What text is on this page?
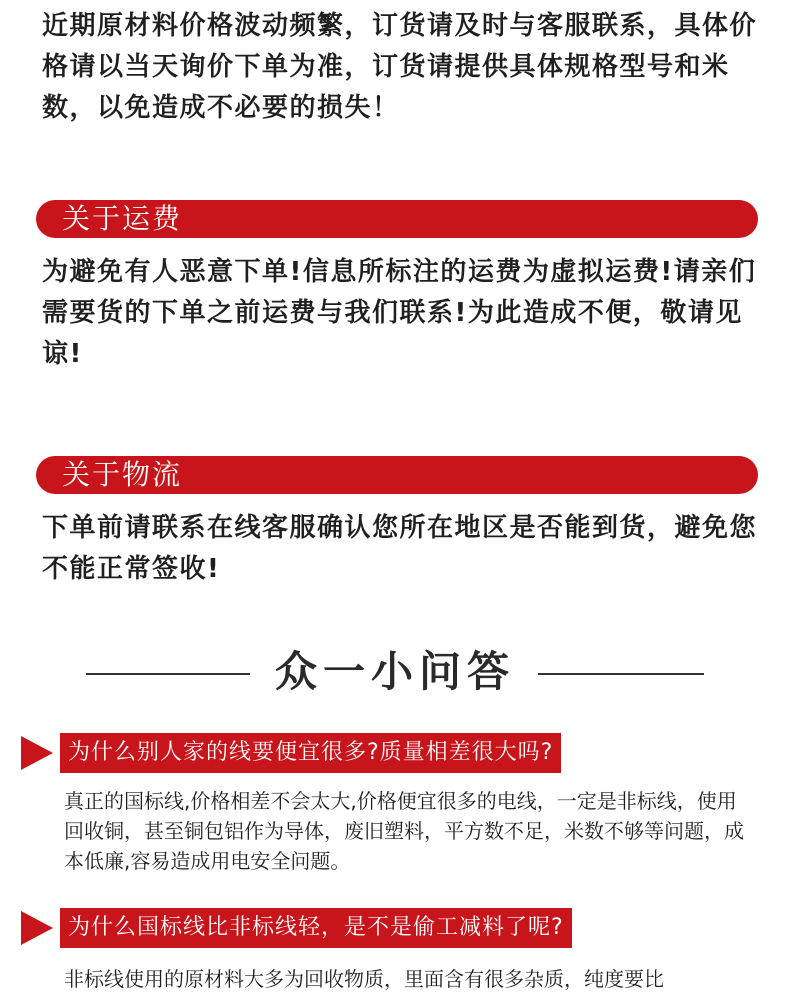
近期原材料价格波动频繁，订货请及时与客服联系，具体价格请以当天询价下单为准，订货请提供具体规格型号和米数，以免造成不必要的损失！

关于运费

为避免有人恶意下单!信息所标注的运费为虚拟运费!请亲们需要货的下单之前运费与我们联系!为此造成不便，敬请见谅!

关于物流

下单前请联系在线客服确认您所在地区是否能到货，避免您不能正常签收!

众一小问答
为什么别人家的线要便宜很多?质量相差很大吗?

真正的国标线,价格相差不会太大,价格便宜很多的电线，一定是非标线，使用回收铜，甚至铜包铝作为导体，废旧塑料，平方数不足，米数不够等问题，成本低廉,容易造成用电安全问题。

为什么国标线比非标线轻，是不是偷工减料了呢?

非标线使用的原材料大多为回收物质，里面含有很多杂质，纯度要比
